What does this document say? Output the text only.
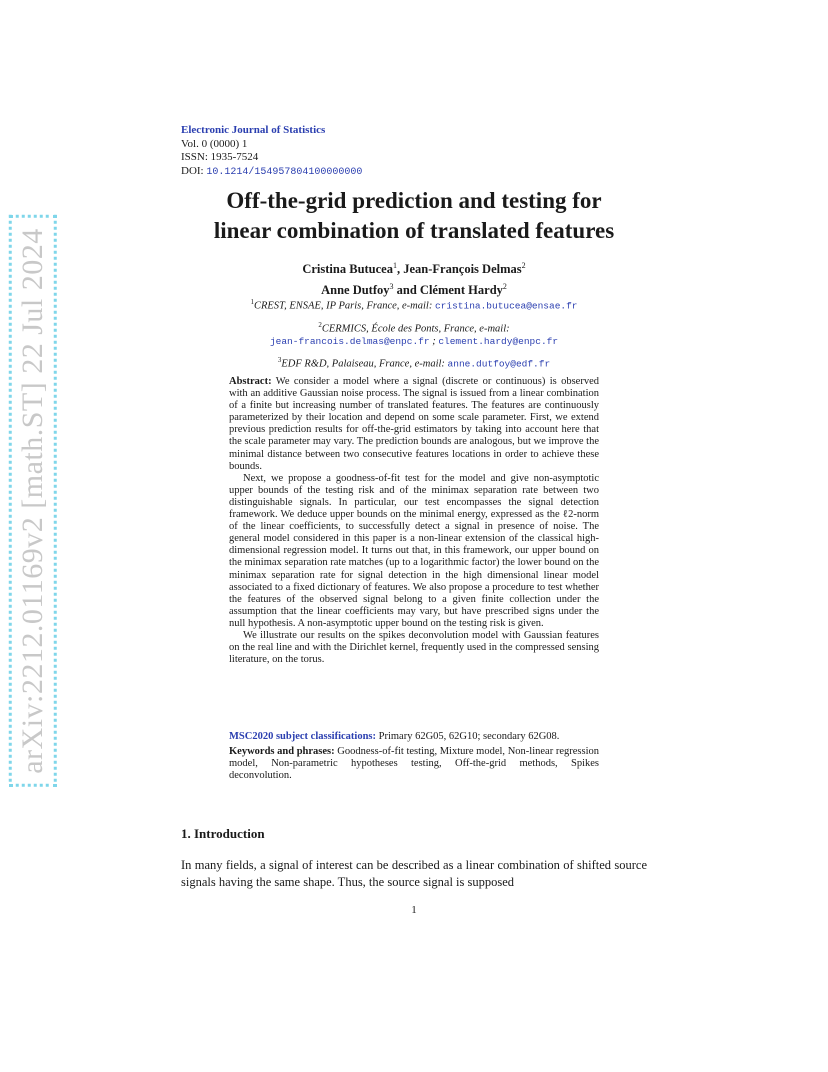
arXiv:2212.01169v2 [math.ST] 22 Jul 2024
Electronic Journal of Statistics
Vol. 0 (0000) 1
ISSN: 1935-7524
DOI: 10.1214/154957804100000000
Off-the-grid prediction and testing for
linear combination of translated features
Cristina Butucea$^1$, Jean-François Delmas$^2$
Anne Dutfoy$^3$ and Clément Hardy$^2$
$^1$CREST, ENSAE, IP Paris, France, e-mail: cristina.butucea@ensae.fr
$^2$CERMICS, École des Ponts, France, e-mail:
jean-francois.delmas@enpc.fr ; clement.hardy@enpc.fr
$^3$EDF R&D, Palaiseau, France, e-mail: anne.dutfoy@edf.fr

Abstract: We consider a model where a signal (discrete or continuous) is observed with an additive Gaussian noise process. The signal is issued from a linear combination of a finite but increasing number of translated features. The features are continuously parameterized by their location and depend on some scale parameter. First, we extend previous prediction results for off-the-grid estimators by taking into account here that the scale parameter may vary. The prediction bounds are analogous, but we improve the minimal distance between two consecutive features locations in order to achieve these bounds.

Next, we propose a goodness-of-fit test for the model and give non-asymptotic upper bounds of the testing risk and of the minimax separation rate between two distinguishable signals. In particular, our test encompasses the signal detection framework. We deduce upper bounds on the minimal energy, expressed as the ℓ2-norm of the linear coefficients, to successfully detect a signal in presence of noise. The general model considered in this paper is a non-linear extension of the classical high-dimensional regression model. It turns out that, in this framework, our upper bound on the minimax separation rate matches (up to a logarithmic factor) the lower bound on the minimax separation rate for signal detection in the high dimensional linear model associated to a fixed dictionary of features. We also propose a procedure to test whether the features of the observed signal belong to a given finite collection under the assumption that the linear coefficients may vary, but have prescribed signs under the null hypothesis. A non-asymptotic upper bound on the testing risk is given.

We illustrate our results on the spikes deconvolution model with Gaussian features on the real line and with the Dirichlet kernel, frequently used in the compressed sensing literature, on the torus.

MSC2020 subject classifications: Primary 62G05, 62G10; secondary 62G08.

Keywords and phrases: Goodness-of-fit testing, Mixture model, Non-linear regression model, Non-parametric hypotheses testing, Off-the-grid methods, Spikes deconvolution.

1. Introduction

In many fields, a signal of interest can be described as a linear combination of shifted source signals having the same shape. Thus, the source signal is supposed

1
